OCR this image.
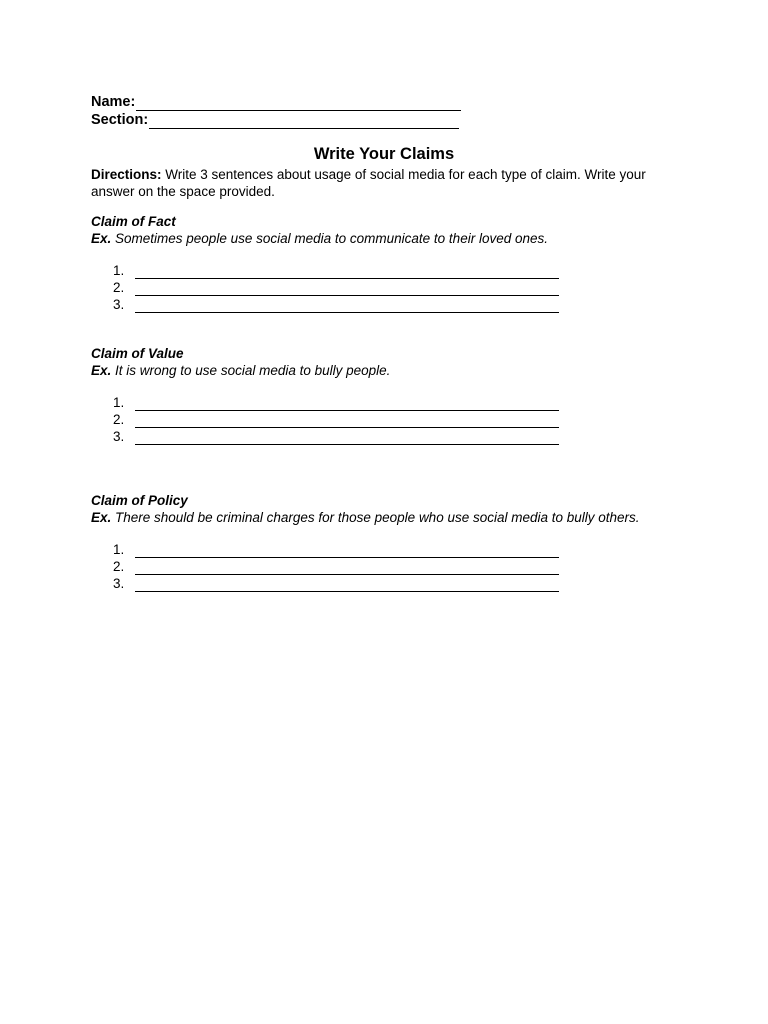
Name:
Section:
Write Your Claims
Directions: Write 3 sentences about usage of social media for each type of claim. Write your answer on the space provided.
Claim of Fact
Ex. Sometimes people use social media to communicate to their loved ones.
1.
2.
3.
Claim of Value
Ex. It is wrong to use social media to bully people.
1.
2.
3.
Claim of Policy
Ex. There should be criminal charges for those people who use social media to bully others.
1.
2.
3.
